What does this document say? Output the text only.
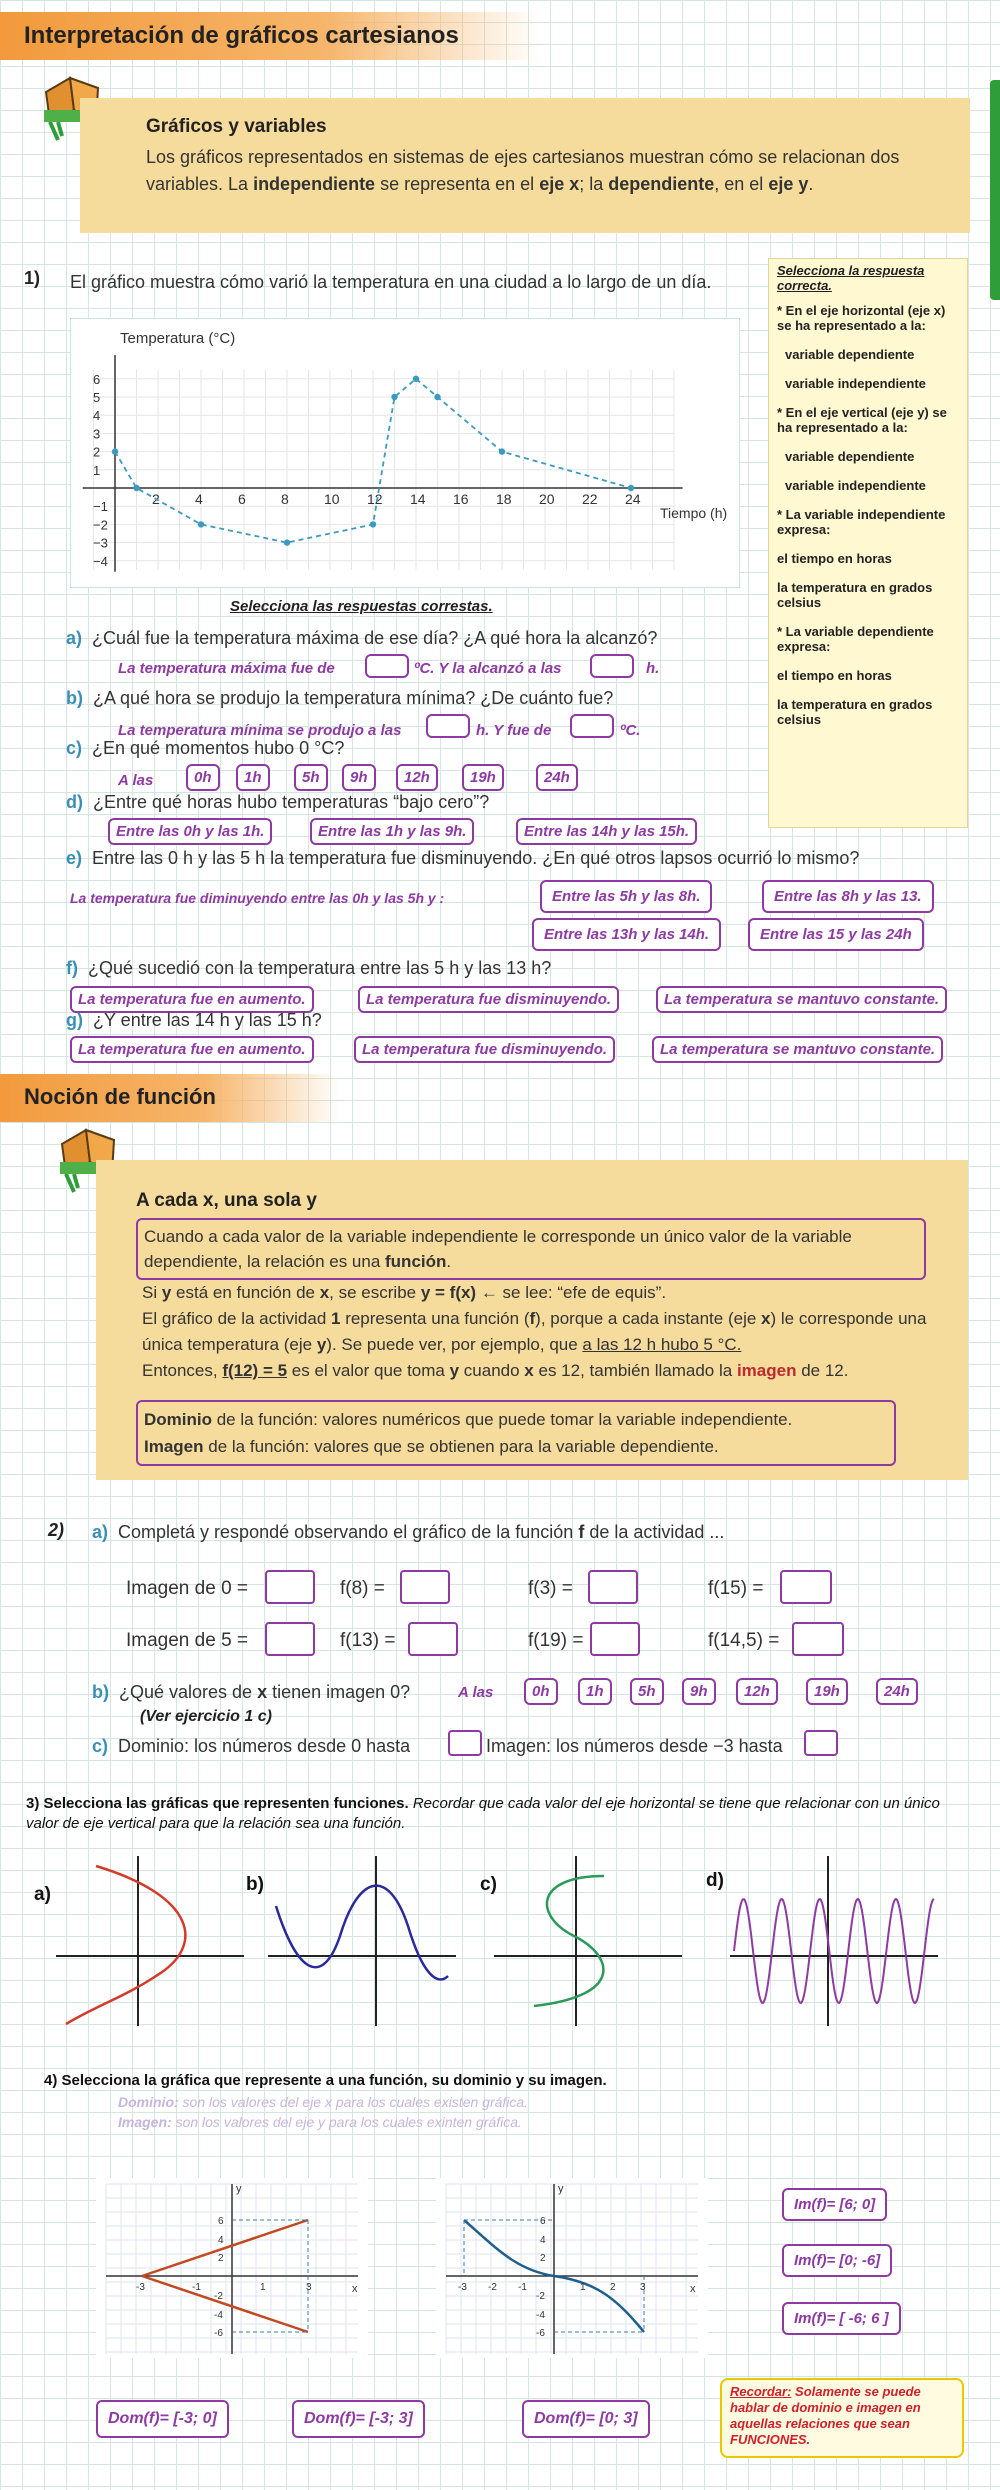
Interpretación de gráficos cartesianos
Gráficos y variables
Los gráficos representados en sistemas de ejes cartesianos muestran cómo se relacionan dos variables. La independiente se representa en el eje x; la dependiente, en el eje y.
1) El gráfico muestra cómo varió la temperatura en una ciudad a lo largo de un día.
2	4	6	8	10 12 14 16 18 20 22 24
−1
−2
−3
−4
1
2
3
4
5
6
Temperatura (°C)
Tiempo (h)
Selecciona las respuestas correstas.
Selecciona la respuesta correcta.
* En el eje horizontal (eje x) se ha representado a la:
variable dependiente
variable independiente
* En el eje vertical (eje y) se ha representado a la:
variable dependiente
variable independiente
* La variable independiente expresa:
el tiempo en horas
la temperatura en grados celsius
* La variable dependiente expresa:
el tiempo en horas
la temperatura en grados celsius
a) ¿Cuál fue la temperatura máxima de ese día? ¿A qué hora la alcanzó?
La temperatura máxima fue de	ºC. Y la alcanzó a las	h.
b) ¿A qué hora se produjo la temperatura mínima? ¿De cuánto fue?
La temperatura mínima se produjo a las	h. Y fue de	ºC.
c) ¿En qué momentos hubo 0 °C?
A las	0h	1h	5h	9h	12h	19h	24h
d) ¿Entre qué horas hubo temperaturas “bajo cero”?
Entre las 0h y las 1h.	Entre las 1h y las 9h.	Entre las 14h y las 15h.
e) Entre las 0 h y las 5 h la temperatura fue disminuyendo. ¿En qué otros lapsos ocurrió lo mismo?
La temperatura fue diminuyendo entre las 0h y las 5h y :	Entre las 5h y las 8h.	Entre las 8h y las 13.
Entre las 13h y las 14h.	Entre las 15 y las 24h
f) ¿Qué sucedió con la temperatura entre las 5 h y las 13 h?
La temperatura fue en aumento.	La temperatura fue disminuyendo.	La temperatura se mantuvo constante.
g) ¿Y entre las 14 h y las 15 h?
La temperatura fue en aumento.	La temperatura fue disminuyendo.	La temperatura se mantuvo constante.
Noción de función
A cada x, una sola y
Cuando a cada valor de la variable independiente le corresponde un único valor de la variable dependiente, la relación es una función.
Si y está en función de x, se escribe y = f(x) ← se lee: “efe de equis”.
El gráfico de la actividad 1 representa una función (f), porque a cada instante (eje x) le corresponde una única temperatura (eje y). Se puede ver, por ejemplo, que a las 12 h hubo 5 °C.
Entonces, f(12) = 5 es el valor que toma y cuando x es 12, también llamado la imagen de 12.
Dominio de la función: valores numéricos que puede tomar la variable independiente.
Imagen de la función: valores que se obtienen para la variable dependiente.
2) a) Completá y respondé observando el gráfico de la función f de la actividad ...
Imagen de 0 =	f(8) =	f(3) =	f(15) =
Imagen de 5 =	f(13) =	f(19) =	f(14,5) =
b) ¿Qué valores de x tienen imagen 0?	A las	0h	1h	5h	9h	12h	19h	24h
(Ver ejercicio 1 c)
c) Dominio: los números desde 0 hasta	Imagen: los números desde −3 hasta
3) Selecciona las gráficas que representen funciones. Recordar que cada valor del eje horizontal se tiene que relacionar con un único valor de eje vertical para que la relación sea una función.
a)	b)	c)	d)
4) Selecciona la gráfica que represente a una función, su dominio y su imagen.
Dominio: son los valores del eje x para los cuales existen gráfica.
Imagen: son los valores del eje y para los cuales exinten gráfica.
x
y
-3	-1	1	3
6
4
2
-2
-4
-6
x
y
-3 -2 -1	1 2 3
6
4
2
-2
-4
-6
Im(f)= [6; 0]
Im(f)= [0; -6]
Im(f)= [ -6; 6 ]
Dom(f)= [-3; 0]	Dom(f)= [-3; 3]	Dom(f)= [0; 3]
Recordar: Solamente se puede hablar de dominio e imagen en aquellas relaciones que sean FUNCIONES.
